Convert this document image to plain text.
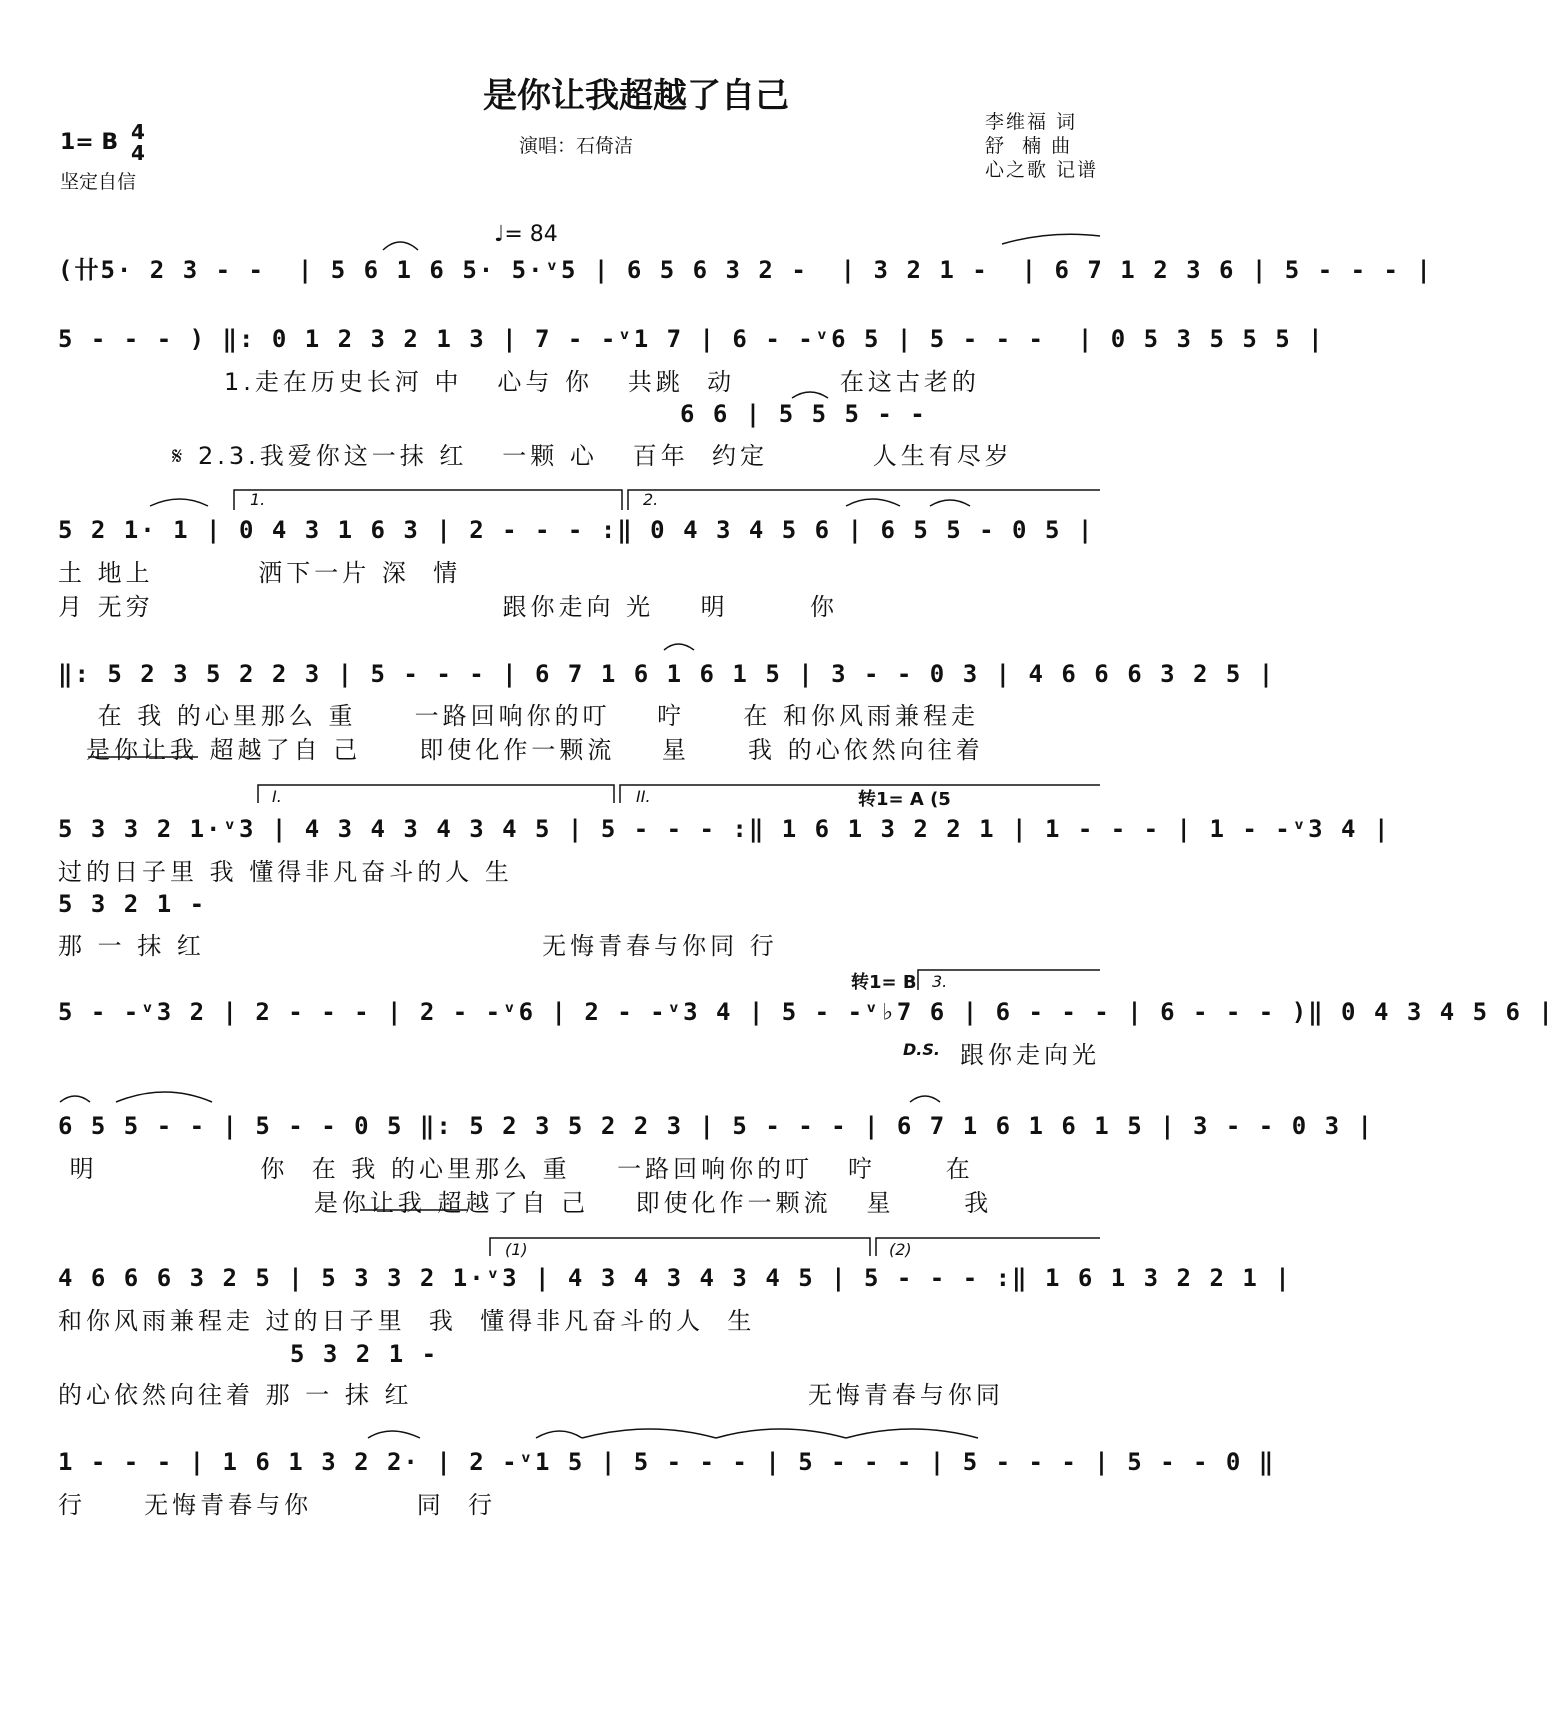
是你让我超越了自己
1= B 4
4
坚定自信
演唱：石倚洁
李维福 词
舒  楠 曲
心之歌 记谱
♩= 84
(卄5· 2 3 - -  | 5 6 1 6 5· 5·ᵛ5 | 6 5 6 3 2 -  | 3 2 1 -  | 6 7 1 2 3 6 | 5 - - - |
5 - - - ) ‖: 0 1 2 3 2 1 3 | 7 - -ᵛ1 7 | 6 - -ᵛ6 5 | 5 - - -  | 0 5 3 5 5 5 |
1.走在历史长河 中   心与 你   共跳  动         在这古老的
6 6 | 5 5 5 - -
𝄋 2.3.我爱你这一抹 红   一颗 心   百年  约定         人生有尽岁
1.	2.
5 2 1· 1 | 0 4 3 1 6 3 | 2 - - - :‖ 0 4 3 4 5 6 | 6 5 5 - 0 5 |
土 地上         洒下一片 深  情
月 无穷                              跟你走向 光    明       你
‖: 5 2 3 5 2 2 3 | 5 - - - | 6 7 1 6 1 6 1 5 | 3 - - 0 3 | 4 6 6 6 3 2 5 |
在 我 的心里那么 重     一路回响你的叮    咛     在 和你风雨兼程走
是你让我 超越了自 己     即使化作一颗流    星     我 的心依然向往着
I.	II.	转1= A (5
5 3 3 2 1·ᵛ3 | 4 3 4 3 4 3 4 5 | 5 - - - :‖ 1 6 1 3 2 2 1 | 1 - - - | 1 - -ᵛ3 4 |
过的日子里 我 懂得非凡奋斗的人 生
5 3 2 1 -
那 一 抹 红                             无悔青春与你同 行
转1= B 3.
5 - -ᵛ3 2 | 2 - - - | 2 - -ᵛ6 | 2 - -ᵛ3 4 | 5 - -ᵛ♭7 6 | 6 - - - | 6 - - - )‖ 0 4 3 4 5 6 |
D.S. 跟你走向光
6 5 5 - - | 5 - - 0 5 ‖: 5 2 3 5 2 2 3 | 5 - - - | 6 7 1 6 1 6 1 5 | 3 - - 0 3 |
明              你  在 我 的心里那么 重    一路回响你的叮   咛      在
是你让我 超越了自 己    即使化作一颗流   星      我
(1)	(2)
4 6 6 6 3 2 5 | 5 3 3 2 1·ᵛ3 | 4 3 4 3 4 3 4 5 | 5 - - - :‖ 1 6 1 3 2 2 1 |
和你风雨兼程走 过的日子里  我  懂得非凡奋斗的人  生
5 3 2 1 -
的心依然向往着 那 一 抹 红                                  无悔青春与你同
1 - - - | 1 6 1 3 2 2· | 2 -ᵛ1 5 | 5 - - - | 5 - - - | 5 - - - | 5 - - 0 ‖
行     无悔青春与你         同  行
